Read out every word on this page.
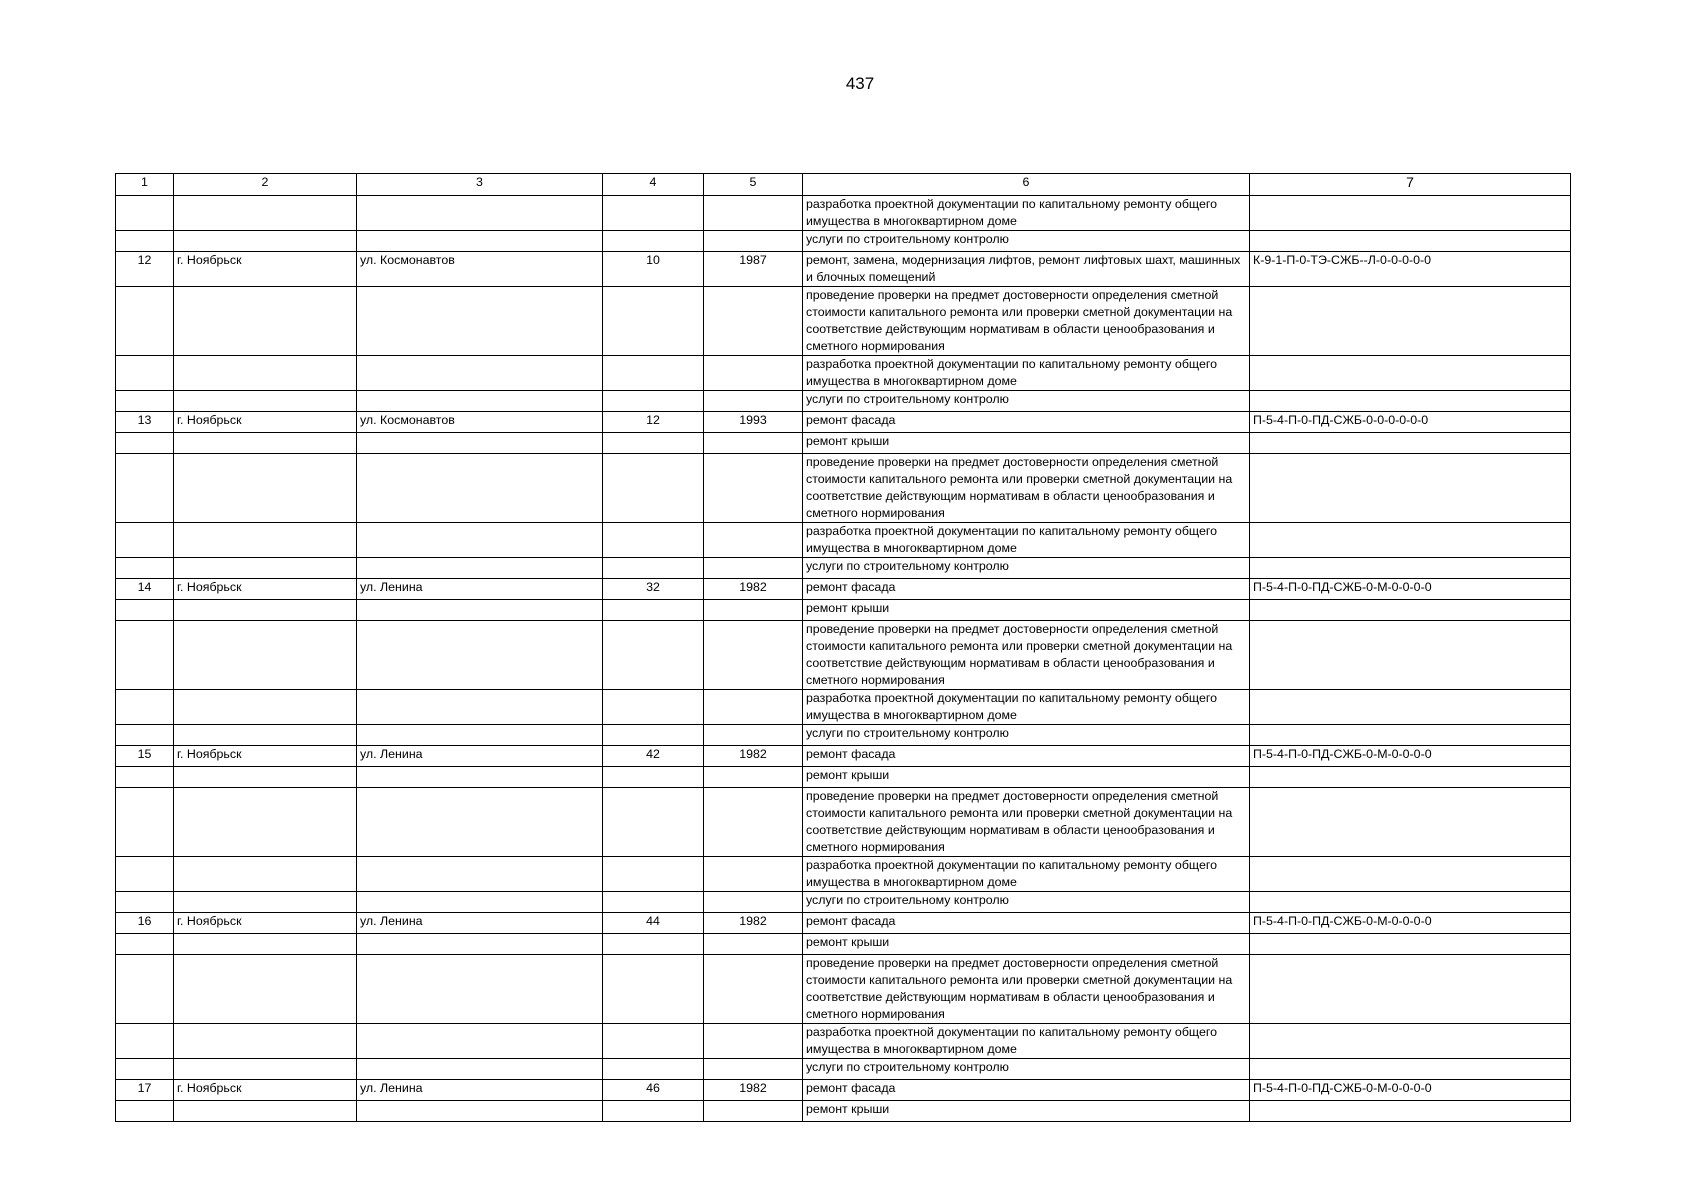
437
1	2	3	4	5	6	7
					разработка проектной документации по капитальному ремонту общего имущества в многоквартирном доме	
					услуги по строительному контролю	
12	г. Ноябрьск	ул. Космонавтов	10	1987	ремонт, замена, модернизация лифтов, ремонт лифтовых шахт, машинных и блочных помещений	К-9-1-П-0-ТЭ-СЖБ--Л-0-0-0-0-0
					проведение проверки на предмет достоверности определения сметной стоимости капитального ремонта или проверки сметной документации на соответствие действующим нормативам в области ценообразования и сметного нормирования	
					разработка проектной документации по капитальному ремонту общего имущества в многоквартирном доме	
					услуги по строительному контролю	
13	г. Ноябрьск	ул. Космонавтов	12	1993	ремонт фасада	П-5-4-П-0-ПД-СЖБ-0-0-0-0-0-0
					ремонт крыши	
					проведение проверки на предмет достоверности определения сметной стоимости капитального ремонта или проверки сметной документации на соответствие действующим нормативам в области ценообразования и сметного нормирования	
					разработка проектной документации по капитальному ремонту общего имущества в многоквартирном доме	
					услуги по строительному контролю	
14	г. Ноябрьск	ул. Ленина	32	1982	ремонт фасада	П-5-4-П-0-ПД-СЖБ-0-М-0-0-0-0
					ремонт крыши	
					проведение проверки на предмет достоверности определения сметной стоимости капитального ремонта или проверки сметной документации на соответствие действующим нормативам в области ценообразования и сметного нормирования	
					разработка проектной документации по капитальному ремонту общего имущества в многоквартирном доме	
					услуги по строительному контролю	
15	г. Ноябрьск	ул. Ленина	42	1982	ремонт фасада	П-5-4-П-0-ПД-СЖБ-0-М-0-0-0-0
					ремонт крыши	
					проведение проверки на предмет достоверности определения сметной стоимости капитального ремонта или проверки сметной документации на соответствие действующим нормативам в области ценообразования и сметного нормирования	
					разработка проектной документации по капитальному ремонту общего имущества в многоквартирном доме	
					услуги по строительному контролю	
16	г. Ноябрьск	ул. Ленина	44	1982	ремонт фасада	П-5-4-П-0-ПД-СЖБ-0-М-0-0-0-0
					ремонт крыши	
					проведение проверки на предмет достоверности определения сметной стоимости капитального ремонта или проверки сметной документации на соответствие действующим нормативам в области ценообразования и сметного нормирования	
					разработка проектной документации по капитальному ремонту общего имущества в многоквартирном доме	
					услуги по строительному контролю	
17	г. Ноябрьск	ул. Ленина	46	1982	ремонт фасада	П-5-4-П-0-ПД-СЖБ-0-М-0-0-0-0
					ремонт крыши	
